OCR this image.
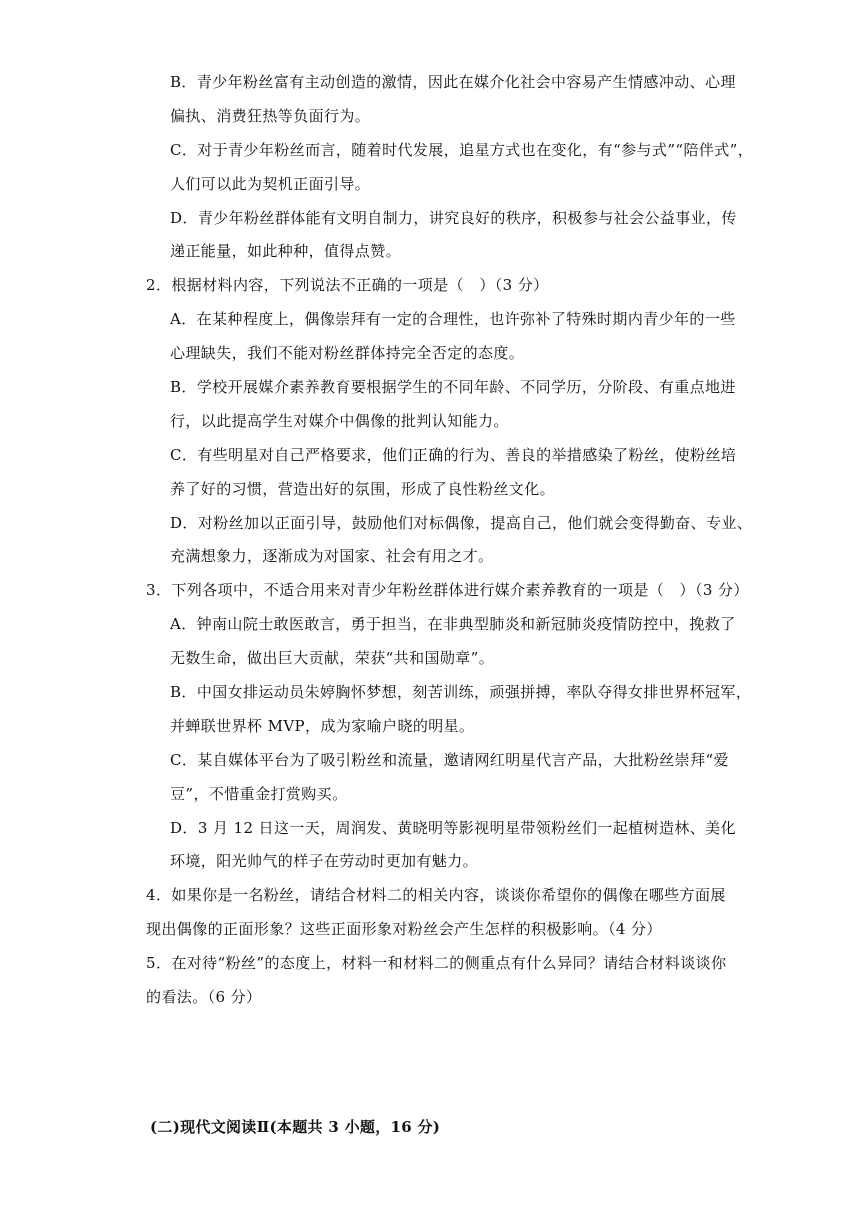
B．青少年粉丝富有主动创造的激情，因此在媒介化社会中容易产生情感冲动、心理
偏执、消费狂热等负面行为。
C．对于青少年粉丝而言，随着时代发展，追星方式也在变化，有“参与式”“陪伴式”，
人们可以此为契机正面引导。
D．青少年粉丝群体能有文明自制力，讲究良好的秩序，积极参与社会公益事业，传
递正能量，如此种种，值得点赞。
2．根据材料内容，下列说法不正确的一项是（　）（3 分）
A．在某种程度上，偶像崇拜有一定的合理性，也许弥补了特殊时期内青少年的一些
心理缺失，我们不能对粉丝群体持完全否定的态度。
B．学校开展媒介素养教育要根据学生的不同年龄、不同学历，分阶段、有重点地进
行，以此提高学生对媒介中偶像的批判认知能力。
C．有些明星对自己严格要求，他们正确的行为、善良的举措感染了粉丝，使粉丝培
养了好的习惯，营造出好的氛围，形成了良性粉丝文化。
D．对粉丝加以正面引导，鼓励他们对标偶像，提高自己，他们就会变得勤奋、专业、
充满想象力，逐渐成为对国家、社会有用之才。
3．下列各项中，不适合用来对青少年粉丝群体进行媒介素养教育的一项是（　）（3 分）
A．钟南山院士敢医敢言，勇于担当，在非典型肺炎和新冠肺炎疫情防控中，挽救了
无数生命，做出巨大贡献，荣获“共和国勋章”。
B．中国女排运动员朱婷胸怀梦想，刻苦训练，顽强拼搏，率队夺得女排世界杯冠军，
并蝉联世界杯 MVP，成为家喻户晓的明星。
C．某自媒体平台为了吸引粉丝和流量，邀请网红明星代言产品，大批粉丝崇拜“爱
豆”，不惜重金打赏购买。
D．3 月 12 日这一天，周润发、黄晓明等影视明星带领粉丝们一起植树造林、美化
环境，阳光帅气的样子在劳动时更加有魅力。
4．如果你是一名粉丝，请结合材料二的相关内容，谈谈你希望你的偶像在哪些方面展
现出偶像的正面形象？这些正面形象对粉丝会产生怎样的积极影响。（4 分）
5．在对待“粉丝”的态度上，材料一和材料二的侧重点有什么异同？请结合材料谈谈你
的看法。（6 分）
(二)现代文阅读Ⅱ(本题共 3 小题，16 分)
